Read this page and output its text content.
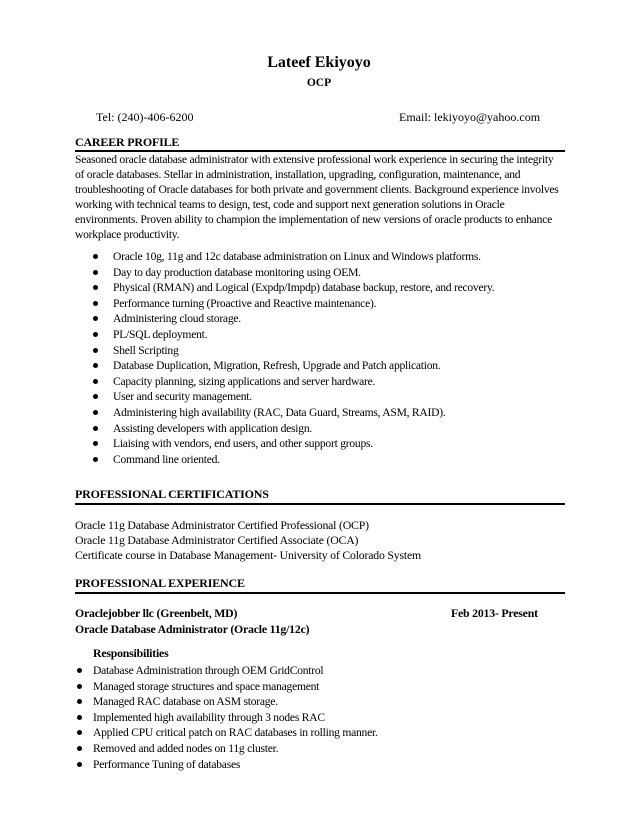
Lateef Ekiyoyo
OCP
Tel: (240)-406-6200	Email: lekiyoyo@yahoo.com
CAREER PROFILE
Seasoned oracle database administrator with extensive professional work experience in securing the integrity of oracle databases. Stellar in administration, installation, upgrading, configuration, maintenance, and troubleshooting of Oracle databases for both private and government clients. Background experience involves working with technical teams to design, test, code and support next generation solutions in Oracle environments. Proven ability to champion the implementation of new versions of oracle products to enhance workplace productivity.
Oracle 10g, 11g and 12c database administration on Linux and Windows platforms.
Day to day production database monitoring using OEM.
Physical (RMAN) and Logical (Expdp/Impdp) database backup, restore, and recovery.
Performance turning (Proactive and Reactive maintenance).
Administering cloud storage.
PL/SQL deployment.
Shell Scripting
Database Duplication, Migration, Refresh, Upgrade and Patch application.
Capacity planning, sizing applications and server hardware.
User and security management.
Administering high availability (RAC, Data Guard, Streams, ASM, RAID).
Assisting developers with application design.
Liaising with vendors, end users, and other support groups.
Command line oriented.
PROFESSIONAL CERTIFICATIONS
Oracle 11g Database Administrator Certified Professional (OCP)
Oracle 11g Database Administrator Certified Associate (OCA)
Certificate course in Database Management- University of Colorado System
PROFESSIONAL EXPERIENCE
Oraclejobber llc (Greenbelt, MD)	Feb 2013- Present
Oracle Database Administrator (Oracle 11g/12c)
Responsibilities
Database Administration through OEM GridControl
Managed storage structures and space management
Managed RAC database on ASM storage.
Implemented high availability through 3 nodes RAC
Applied CPU critical patch on RAC databases in rolling manner.
Removed and added nodes on 11g cluster.
Performance Tuning of databases
